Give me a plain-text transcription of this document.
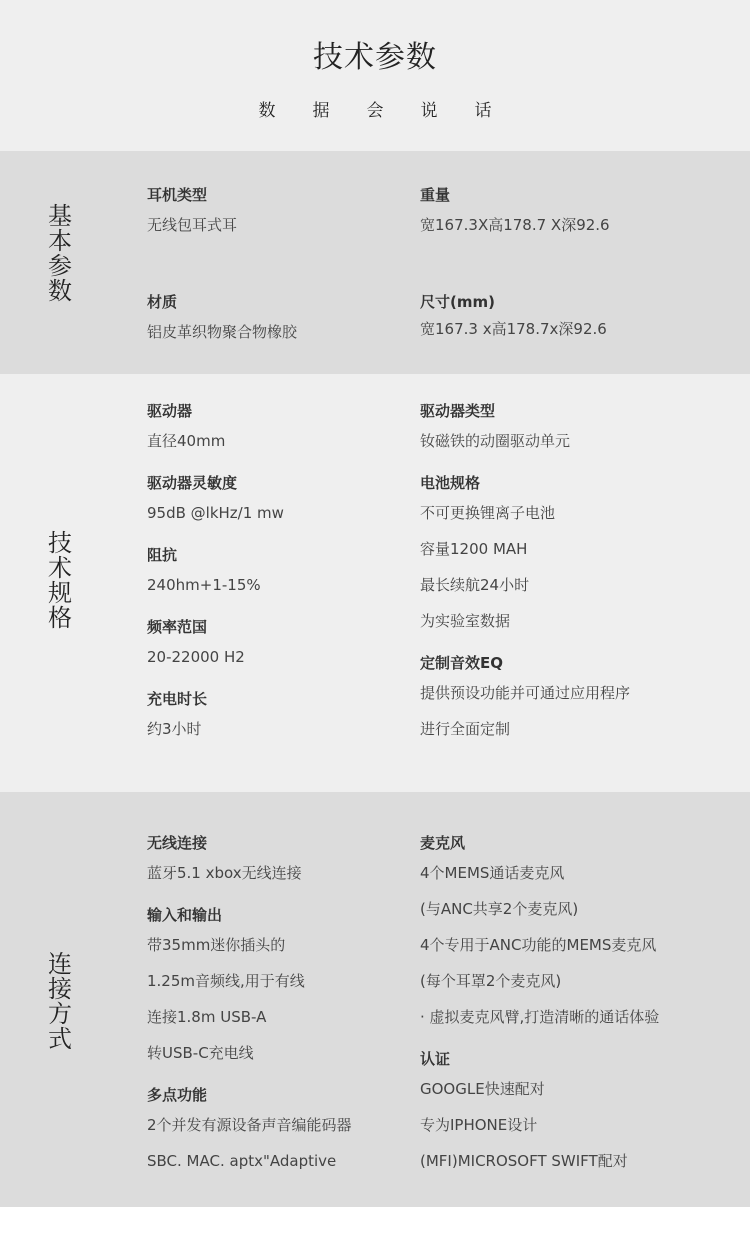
技术参数
数据会说话
基本参数
耳机类型
无线包耳式耳
材质
铝皮革织物聚合物橡胶
重量
宽167.3X高178.7 X深92.6
尺寸(mm)
宽167.3 x高178.7x深92.6
技术规格
驱动器
直径40mm
驱动器灵敏度
95dB @lkHz/1 mw
阻抗
240hm+1-15%
频率范国
20-22000 H2
充电时长
约3小时
驱动器类型
钕磁铁的动圈驱动单元
电池规格
不可更换锂离子电池
容量1200 MAH
最长续航24小时
为实验室数据
定制音效EQ
提供预设功能并可通过应用程序
进行全面定制
连接方式
无线连接
蓝牙5.1 xbox无线连接
输入和输出
带35mm迷你插头的
1.25m音频线,用于有线
连接1.8m USB-A
转USB-C充电线
多点功能
2个并发有源设备声音编能码器
SBC. MAC. aptx"Adaptive
麦克风
4个MEMS通话麦克风
(与ANC共享2个麦克风)
4个专用于ANC功能的MEMS麦克风
(每个耳罩2个麦克风)
· 虚拟麦克风臂,打造清晰的通话体验
认证
GOOGLE快速配对
专为IPHONE设计
(MFI)MICROSOFT SWIFT配对
